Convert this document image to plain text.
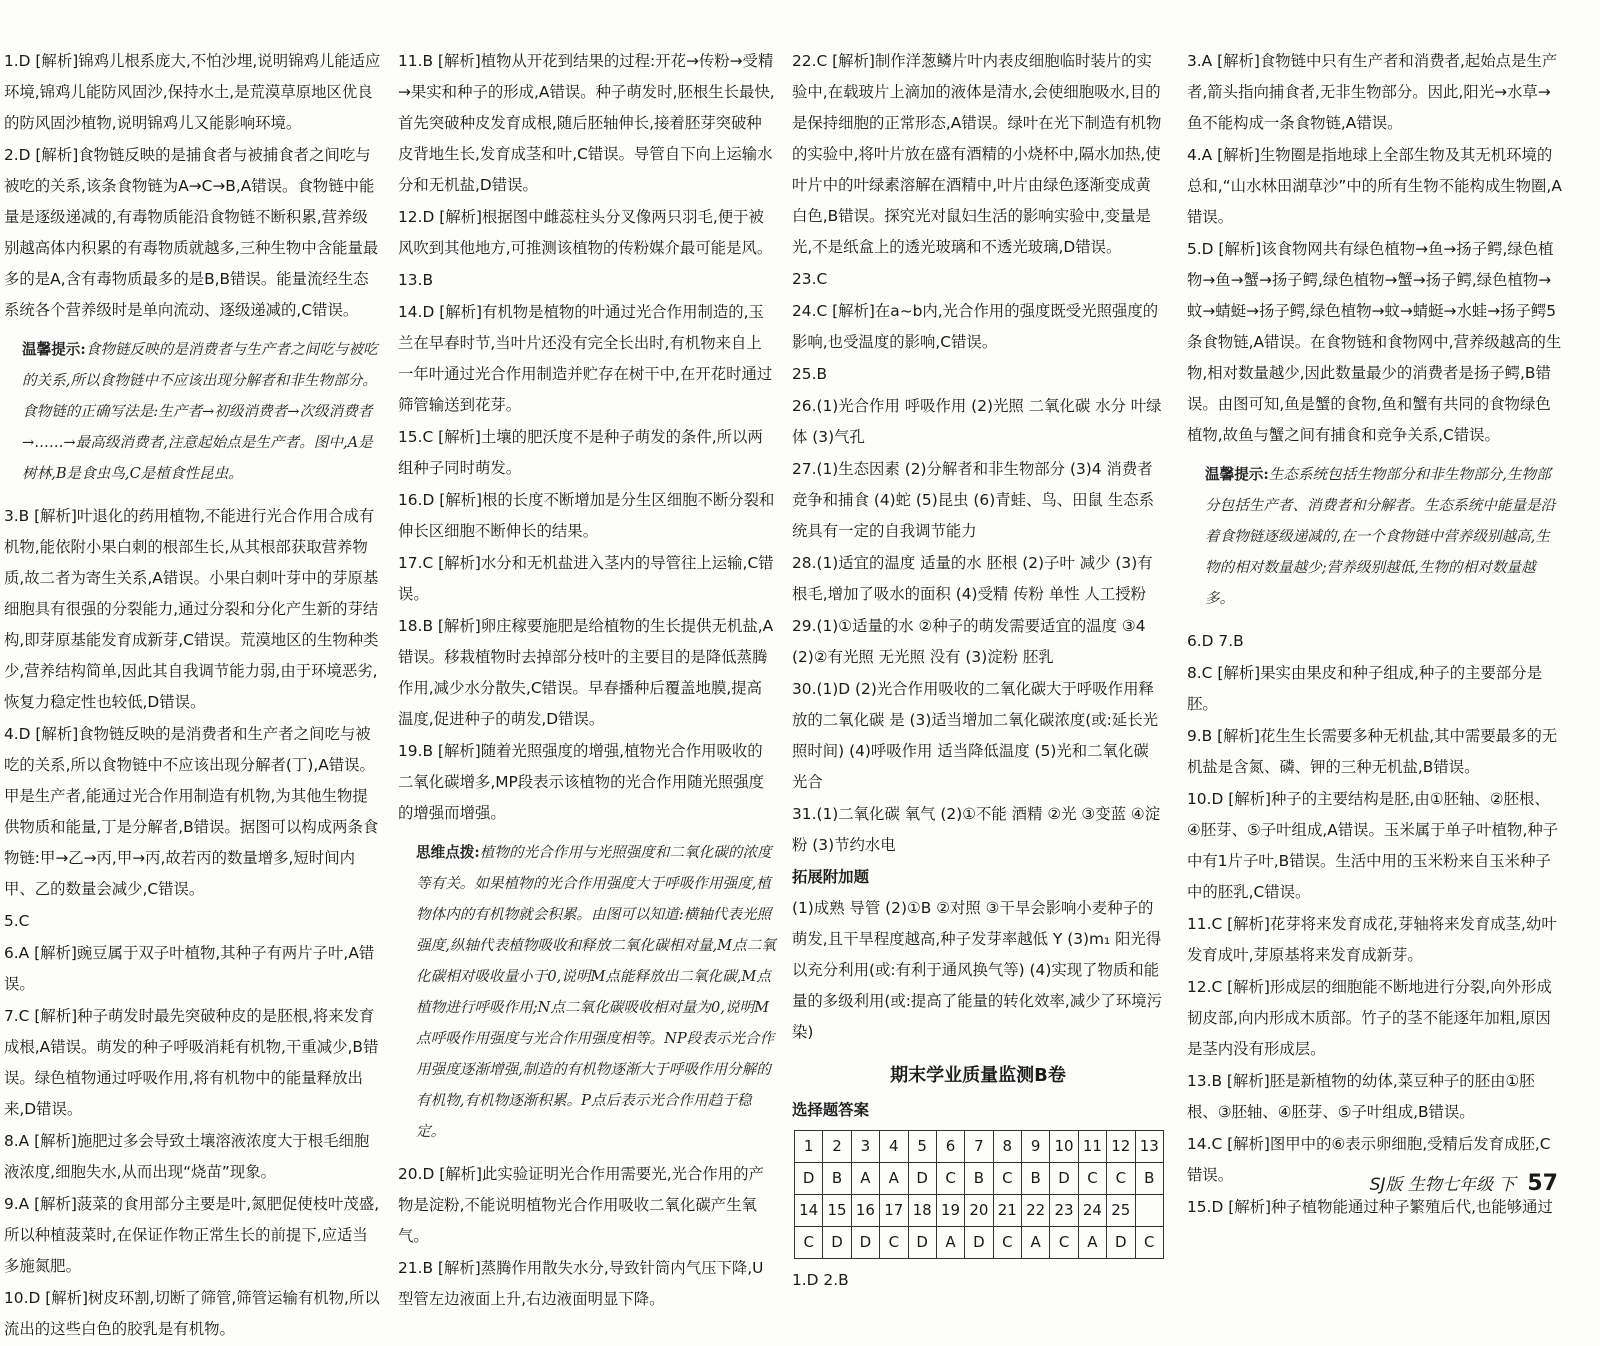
1.D [解析]锦鸡儿根系庞大,不怕沙埋,说明锦鸡儿能适应环境,锦鸡儿能防风固沙,保持水土,是荒漠草原地区优良的防风固沙植物,说明锦鸡儿又能影响环境。

2.D [解析]食物链反映的是捕食者与被捕食者之间吃与被吃的关系,该条食物链为A→C→B,A错误。食物链中能量是逐级递减的,有毒物质能沿食物链不断积累,营养级别越高体内积累的有毒物质就越多,三种生物中含能量最多的是A,含有毒物质最多的是B,B错误。能量流经生态系统各个营养级时是单向流动、逐级递减的,C错误。

温馨提示:食物链反映的是消费者与生产者之间吃与被吃的关系,所以食物链中不应该出现分解者和非生物部分。食物链的正确写法是:生产者→初级消费者→次级消费者→……→最高级消费者,注意起始点是生产者。图中,A是树林,B是食虫鸟,C是植食性昆虫。

3.B [解析]叶退化的药用植物,不能进行光合作用合成有机物,能依附小果白刺的根部生长,从其根部获取营养物质,故二者为寄生关系,A错误。小果白刺叶芽中的芽原基细胞具有很强的分裂能力,通过分裂和分化产生新的芽结构,即芽原基能发育成新芽,C错误。荒漠地区的生物种类少,营养结构简单,因此其自我调节能力弱,由于环境恶劣,恢复力稳定性也较低,D错误。

4.D [解析]食物链反映的是消费者和生产者之间吃与被吃的关系,所以食物链中不应该出现分解者(丁),A错误。甲是生产者,能通过光合作用制造有机物,为其他生物提供物质和能量,丁是分解者,B错误。据图可以构成两条食物链:甲→乙→丙,甲→丙,故若丙的数量增多,短时间内甲、乙的数量会减少,C错误。

5.C

6.A [解析]豌豆属于双子叶植物,其种子有两片子叶,A错误。

7.C [解析]种子萌发时最先突破种皮的是胚根,将来发育成根,A错误。萌发的种子呼吸消耗有机物,干重减少,B错误。绿色植物通过呼吸作用,将有机物中的能量释放出来,D错误。

8.A [解析]施肥过多会导致土壤溶液浓度大于根毛细胞液浓度,细胞失水,从而出现“烧苗”现象。

9.A [解析]菠菜的食用部分主要是叶,氮肥促使枝叶茂盛,所以种植菠菜时,在保证作物正常生长的前提下,应适当多施氮肥。

10.D [解析]树皮环割,切断了筛管,筛管运输有机物,所以流出的这些白色的胶乳是有机物。

11.B [解析]植物从开花到结果的过程:开花→传粉→受精→果实和种子的形成,A错误。种子萌发时,胚根生长最快,首先突破种皮发育成根,随后胚轴伸长,接着胚芽突破种皮背地生长,发育成茎和叶,C错误。导管自下向上运输水分和无机盐,D错误。

12.D [解析]根据图中雌蕊柱头分叉像两只羽毛,便于被风吹到其他地方,可推测该植物的传粉媒介最可能是风。

13.B

14.D [解析]有机物是植物的叶通过光合作用制造的,玉兰在早春时节,当叶片还没有完全长出时,有机物来自上一年叶通过光合作用制造并贮存在树干中,在开花时通过筛管输送到花芽。

15.C [解析]土壤的肥沃度不是种子萌发的条件,所以两组种子同时萌发。

16.D [解析]根的长度不断增加是分生区细胞不断分裂和伸长区细胞不断伸长的结果。

17.C [解析]水分和无机盐进入茎内的导管往上运输,C错误。

18.B [解析]卵庄稼要施肥是给植物的生长提供无机盐,A错误。移栽植物时去掉部分枝叶的主要目的是降低蒸腾作用,减少水分散失,C错误。早春播种后覆盖地膜,提高温度,促进种子的萌发,D错误。

19.B [解析]随着光照强度的增强,植物光合作用吸收的二氧化碳增多,MP段表示该植物的光合作用随光照强度的增强而增强。

思维点拨:植物的光合作用与光照强度和二氧化碳的浓度等有关。如果植物的光合作用强度大于呼吸作用强度,植物体内的有机物就会积累。由图可以知道:横轴代表光照强度,纵轴代表植物吸收和释放二氧化碳相对量,M点二氧化碳相对吸收量小于0,说明M点能释放出二氧化碳,M点植物进行呼吸作用;N点二氧化碳吸收相对量为0,说明M点呼吸作用强度与光合作用强度相等。NP段表示光合作用强度逐渐增强,制造的有机物逐渐大于呼吸作用分解的有机物,有机物逐渐积累。P点后表示光合作用趋于稳定。

20.D [解析]此实验证明光合作用需要光,光合作用的产物是淀粉,不能说明植物光合作用吸收二氧化碳产生氧气。

21.B [解析]蒸腾作用散失水分,导致针筒内气压下降,U型管左边液面上升,右边液面明显下降。

22.C [解析]制作洋葱鳞片叶内表皮细胞临时装片的实验中,在载玻片上滴加的液体是清水,会使细胞吸水,目的是保持细胞的正常形态,A错误。绿叶在光下制造有机物的实验中,将叶片放在盛有酒精的小烧杯中,隔水加热,使叶片中的叶绿素溶解在酒精中,叶片由绿色逐渐变成黄白色,B错误。探究光对鼠妇生活的影响实验中,变量是光,不是纸盒上的透光玻璃和不透光玻璃,D错误。

23.C

24.C [解析]在a~b内,光合作用的强度既受光照强度的影响,也受温度的影响,C错误。

25.B

26.(1)光合作用 呼吸作用 (2)光照 二氧化碳 水分 叶绿体 (3)气孔

27.(1)生态因素 (2)分解者和非生物部分 (3)4 消费者 竞争和捕食 (4)蛇 (5)昆虫 (6)青蛙、鸟、田鼠 生态系统具有一定的自我调节能力

28.(1)适宜的温度 适量的水 胚根 (2)子叶 减少 (3)有根毛,增加了吸水的面积 (4)受精 传粉 单性 人工授粉

29.(1)①适量的水 ②种子的萌发需要适宜的温度 ③4 (2)②有光照 无光照 没有 (3)淀粉 胚乳

30.(1)D (2)光合作用吸收的二氧化碳大于呼吸作用释放的二氧化碳 是 (3)适当增加二氧化碳浓度(或:延长光照时间) (4)呼吸作用 适当降低温度 (5)光和二氧化碳 光合

31.(1)二氧化碳 氧气 (2)①不能 酒精 ②光 ③变蓝 ④淀粉 (3)节约水电

拓展附加题

(1)成熟 导管 (2)①B ②对照 ③干旱会影响小麦种子的萌发,且干旱程度越高,种子发芽率越低 Y (3)m₁ 阳光得以充分利用(或:有利于通风换气等) (4)实现了物质和能量的多级利用(或:提高了能量的转化效率,减少了环境污染)

期末学业质量监测B卷

选择题答案

1	2	3	4	5	6	7	8	9	10	11	12	13
D	B	A	A	D	C	B	C	B	D	C	C	B
14	15	16	17	18	19	20	21	22	23	24	25	
C	D	D	C	D	A	D	C	A	C	A	D	C

1.D 2.B

3.A [解析]食物链中只有生产者和消费者,起始点是生产者,箭头指向捕食者,无非生物部分。因此,阳光→水草→鱼不能构成一条食物链,A错误。

4.A [解析]生物圈是指地球上全部生物及其无机环境的总和,“山水林田湖草沙”中的所有生物不能构成生物圈,A错误。

5.D [解析]该食物网共有绿色植物→鱼→扬子鳄,绿色植物→鱼→蟹→扬子鳄,绿色植物→蟹→扬子鳄,绿色植物→蚊→蜻蜓→扬子鳄,绿色植物→蚊→蜻蜓→水蛙→扬子鳄5条食物链,A错误。在食物链和食物网中,营养级越高的生物,相对数量越少,因此数量最少的消费者是扬子鳄,B错误。由图可知,鱼是蟹的食物,鱼和蟹有共同的食物绿色植物,故鱼与蟹之间有捕食和竞争关系,C错误。

温馨提示:生态系统包括生物部分和非生物部分,生物部分包括生产者、消费者和分解者。生态系统中能量是沿着食物链逐级递减的,在一个食物链中营养级别越高,生物的相对数量越少;营养级别越低,生物的相对数量越多。

6.D 7.B

8.C [解析]果实由果皮和种子组成,种子的主要部分是胚。

9.B [解析]花生生长需要多种无机盐,其中需要最多的无机盐是含氮、磷、钾的三种无机盐,B错误。

10.D [解析]种子的主要结构是胚,由①胚轴、②胚根、④胚芽、⑤子叶组成,A错误。玉米属于单子叶植物,种子中有1片子叶,B错误。生活中用的玉米粉来自玉米种子中的胚乳,C错误。

11.C [解析]花芽将来发育成花,芽轴将来发育成茎,幼叶发育成叶,芽原基将来发育成新芽。

12.C [解析]形成层的细胞能不断地进行分裂,向外形成韧皮部,向内形成木质部。竹子的茎不能逐年加粗,原因是茎内没有形成层。

13.B [解析]胚是新植物的幼体,菜豆种子的胚由①胚根、③胚轴、④胚芽、⑤子叶组成,B错误。

14.C [解析]图甲中的⑥表示卵细胞,受精后发育成胚,C错误。

15.D [解析]种子植物能通过种子繁殖后代,也能够通过

SJ版 生物七年级 下 57
